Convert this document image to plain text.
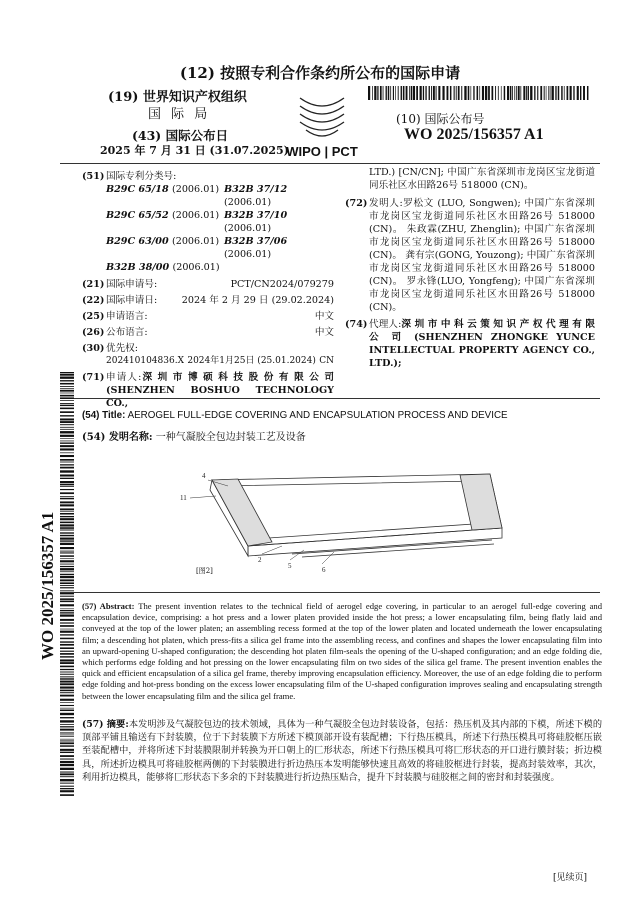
(12) 按照专利合作条约所公布的国际申请
(19) 世界知识产权组织
国 际 局
(43) 国际公布日
2025 年 7 月 31 日 (31.07.2025)
WIPO | PCT
(10) 国际公布号
WO 2025/156357 A1
(51) 国际专利分类号:
B29C 65/18 (2006.01) B32B 37/12 (2006.01)
B29C 65/52 (2006.01) B32B 37/10 (2006.01)
B29C 63/00 (2006.01) B32B 37/06 (2006.01)
B32B 38/00 (2006.01)
(21) 国际申请号:	PCT/CN2024/079279
(22) 国际申请日:	2024 年 2 月 29 日 (29.02.2024)
(25) 申请语言:	中文
(26) 公布语言:	中文
(30) 优先权:
202410104836.X 2024年1月25日 (25.01.2024) CN
(71) 申请人:深 圳 市 博 硕 科 技 股 份 有 限 公 司 (SHENZHEN BOSHUO TECHNOLOGY CO.,
LTD.) [CN/CN]; 中国广东省深圳市龙岗区宝龙街道同乐社区水田路26号 518000 (CN)。
(72) 发明人:罗松文 (LUO, Songwen); 中国广东省深圳市龙岗区宝龙街道同乐社区水田路26号 518000 (CN)。 朱政霖(ZHU, Zhenglin); 中国广东省深圳市龙岗区宝龙街道同乐社区水田路26号 518000 (CN)。 龚有宗(GONG, Youzong); 中国广东省深圳市龙岗区宝龙街道同乐社区水田路26号 518000 (CN)。 罗永锋(LUO, Yongfeng); 中国广东省深圳市龙岗区宝龙街道同乐社区水田路26号 518000 (CN)。
(74) 代理人:深 圳 市 中 科 云 策 知 识 产 权 代 理 有 限 公 司 (SHENZHEN ZHONGKE YUNCE INTELLECTUAL PROPERTY AGENCY CO., LTD.);
WO 2025/156357 A1
(54) Title: AEROGEL FULL-EDGE COVERING AND ENCAPSULATION PROCESS AND DEVICE
(54) 发明名称: 一种气凝胶全包边封装工艺及设备
4
11
2
5	6
[图2]
(57) Abstract: The present invention relates to the technical field of aerogel edge covering, in particular to an aerogel full-edge covering and encapsulation device, comprising: a hot press and a lower platen provided inside the hot press; a lower encapsulating film, being flatly laid and conveyed at the top of the lower platen; an assembling recess formed at the top of the lower platen and located underneath the lower encapsulating film; a descending hot platen, which press-fits a silica gel frame into the assembling recess, and confines and shapes the lower encapsulating film into an upward-opening U-shaped configuration; the descending hot platen film-seals the opening of the U-shaped configuration; and an edge folding die, which performs edge folding and hot pressing on the lower encapsulating film on two sides of the silica gel frame. The present invention enables the quick and efficient encapsulation of a silica gel frame, thereby improving encapsulation efficiency. Moreover, the use of an edge folding die to perform edge folding and hot-press bonding on the excess lower encapsulating film of the U-shaped configuration improves sealing and encapsulating strength between the lower encapsulating film and the silica gel frame.
(57) 摘要:本发明涉及气凝胶包边的技术领域，具体为一种气凝胶全包边封装设备，包括：热压机及其内部的下模，所述下模的顶部平铺且输送有下封装膜，位于下封装膜下方所述下模顶部开设有装配槽；下行热压模具，所述下行热压模具可将硅胶框压嵌至装配槽中，并将所述下封装膜限制并转换为开口朝上的匚形状态，所述下行热压模具可将匚形状态的开口进行膜封装；折边模具，所述折边模具可将硅胶框两侧的下封装膜进行折边热压本发明能够快速且高效的将硅胶框进行封装，提高封装效率，其次，利用折边模具，能够将匚形状态下多余的下封装膜进行折边热压贴合，提升下封装膜与硅胶框之间的密封和封装强度。
[见续页]
